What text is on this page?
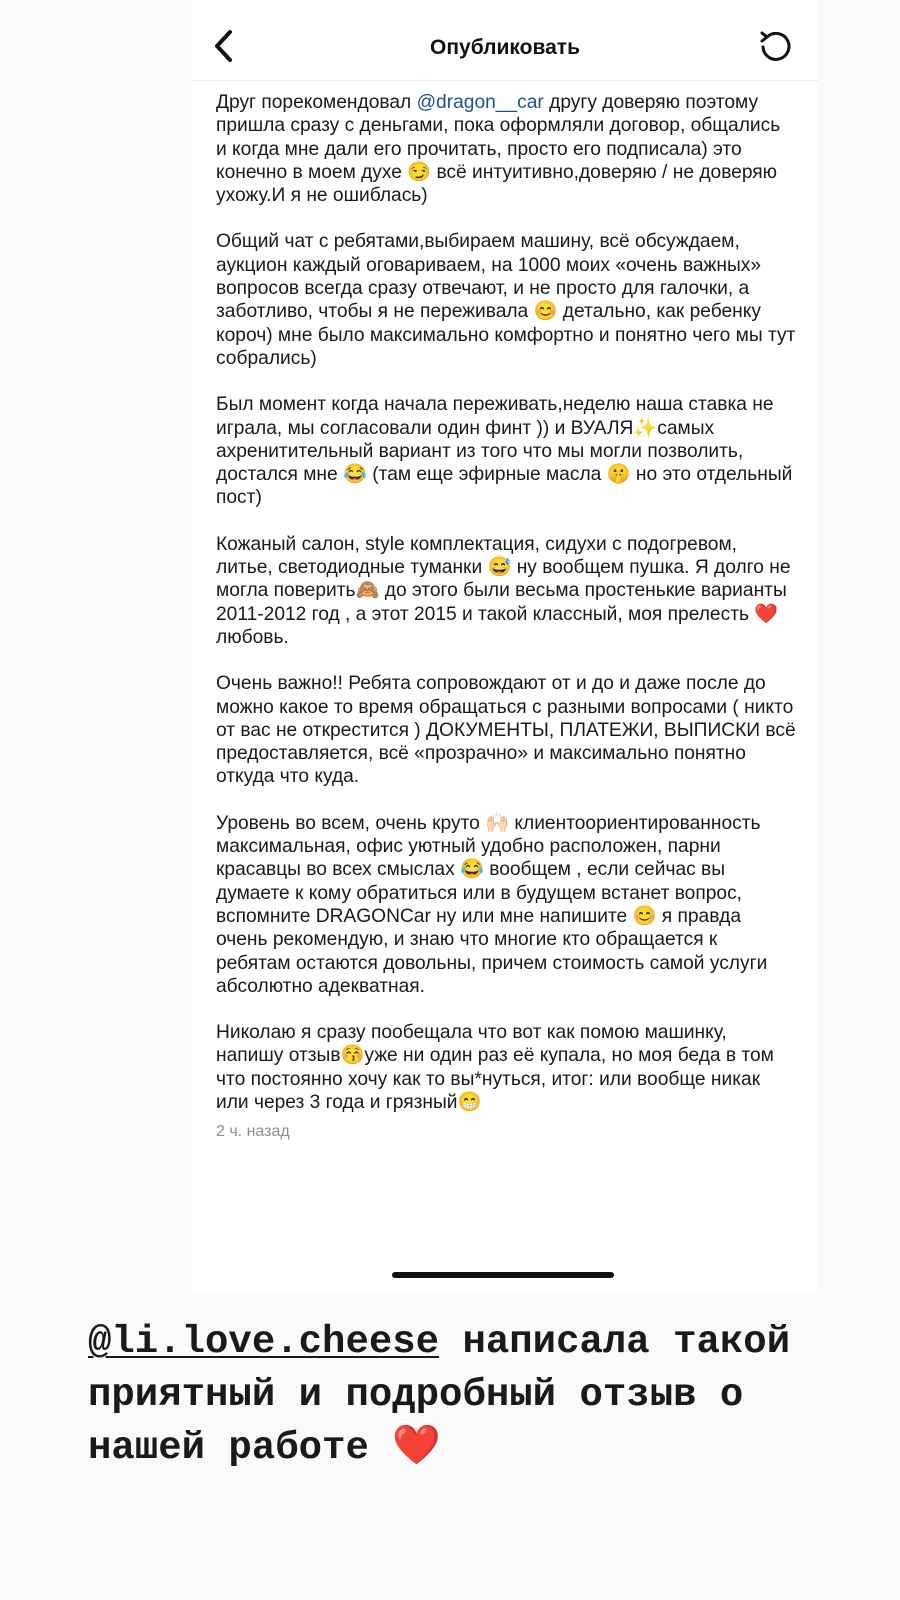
Опубликовать

Друг порекомендовал @dragon__car другу доверяю поэтому пришла сразу с деньгами, пока оформляли договор, общались и когда мне дали его прочитать, просто его подписала) это конечно в моем духе 😏 всё интуитивно,доверяю / не доверяю ухожу.И я не ошиблась)

Общий чат с ребятами,выбираем машину, всё обсуждаем, аукцион каждый оговариваем, на 1000 моих «очень важных» вопросов всегда сразу отвечают, и не просто для галочки, а заботливо, чтобы я не переживала 😊 детально, как ребенку короч) мне было максимально комфортно и понятно чего мы тут собрались)

Был момент когда начала переживать,неделю наша ставка не играла, мы согласовали один финт )) и ВУАЛЯ✨самых ахренитительный вариант из того что мы могли позволить, достался мне 😂 (там еще эфирные масла 🤫 но это отдельный пост)

Кожаный салон, style комплектация, сидухи с подогревом, литье, светодиодные туманки 😅 ну вообщем пушка. Я долго не могла поверить🙈 до этого были весьма простенькие варианты 2011-2012 год , а этот 2015 и такой классный, моя прелесть ❤️ любовь.

Очень важно!! Ребята сопровождают от и до и даже после до можно какое то время обращаться с разными вопросами ( никто от вас не открестится ) ДОКУМЕНТЫ, ПЛАТЕЖИ, ВЫПИСКИ всё предоставляется, всё «прозрачно» и максимально понятно откуда что куда.

Уровень во всем, очень круто 🙌🏻 клиентоориентированность максимальная, офис уютный удобно расположен, парни красавцы во всех смыслах 😂 вообщем , если сейчас вы думаете к кому обратиться или в будущем встанет вопрос, вспомните DRAGONCar ну или мне напишите 😊 я правда очень рекомендую, и знаю что многие кто обращается к ребятам остаются довольны, причем стоимость самой услуги абсолютно адекватная.

Николаю я сразу пообещала что вот как помою машинку, напишу отзыв😚уже ни один раз её купала, но моя беда в том что постоянно хочу как то вы*нуться, итог: или вообще никак или через 3 года и грязный😁

2 ч. назад
@li.love.cheese написала такой приятный и подробный отзыв о нашей работе ❤️
